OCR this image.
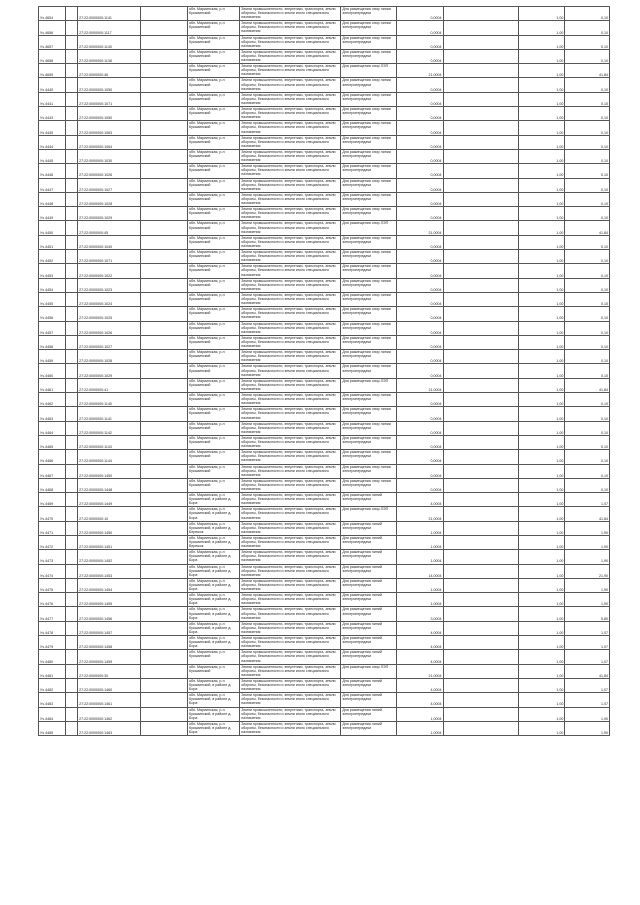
Уч.4654		27:22:0000000:1141		обл. Мариинская, р-н Кусьминский	Земли промышленности, энергетики, транспорта, земли обороны, безопасности и земли иного специального назначения	Для размещения опор линии электропередачи	0,0004		1,00	0,10
Уч.4656		27:22:0000000:1117		обл. Мариинская, р-н Кусьминский	Земли промышленности, энергетики, транспорта, земли обороны, безопасности и земли иного специального назначения	Для размещения опор линии электропередачи	0,0004		1,00	0,10
Уч.4657		27:22:0000000:1140		обл. Мариинская, р-н Кусьминский	Земли промышленности, энергетики, транспорта, земли обороны, безопасности и земли иного специального назначения	Для размещения опор линии электропередачи	0,0004		1,00	0,10
Уч.4658		27:22:0000000:1138		обл. Мариинская, р-н Кусьминский	Земли промышленности, энергетики, транспорта, земли обороны, безопасности и земли иного специального назначения	Для размещения опор линии электропередачи	0,0004		1,00	0,10
Уч.4659		27:22:0000000:46		обл. Мариинская, р-н Кусьминский	Земли промышленности, энергетики, транспорта, земли обороны, безопасности и земли иного специального назначения	Для размещения опор ЛЭП	21,0004		1,00	41,84
Уч.4440		27:22:0000000:1050		обл. Мариинская, р-н Кусьминский	Земли промышленности, энергетики, транспорта, земли обороны, безопасности и земли иного специального назначения	Для размещения опор линии электропередачи	0,0004		1,00	0,10
Уч.4441		27:22:0000000:1071		обл. Мариинская, р-н Кусьминский	Земли промышленности, энергетики, транспорта, земли обороны, безопасности и земли иного специального назначения	Для размещения опор линии электропередачи	0,0004		1,00	0,10
Уч.4443		27:22:0000000:1050		обл. Мариинская, р-н Кусьминский	Земли промышленности, энергетики, транспорта, земли обороны, безопасности и земли иного специального назначения	Для размещения опор линии электропередачи	0,0004		1,00	0,10
Уч.4445		27:22:0000000:1063		обл. Мариинская, р-н Кусьминский	Земли промышленности, энергетики, транспорта, земли обороны, безопасности и земли иного специального назначения	Для размещения опор линии электропередачи	0,0004		1,00	0,10
Уч.4444		27:22:0000000:1064		обл. Мариинская, р-н Кусьминский	Земли промышленности, энергетики, транспорта, земли обороны, безопасности и земли иного специального назначения	Для размещения опор линии электропередачи	0,0004		1,00	0,10
Уч.4445		27:22:0000000:1030		обл. Мариинская, р-н Кусьминский	Земли промышленности, энергетики, транспорта, земли обороны, безопасности и земли иного специального назначения	Для размещения опор линии электропередачи	0,0004		1,00	0,10
Уч.4446		27:22:0000000:1026		обл. Мариинская, р-н Кусьминский	Земли промышленности, энергетики, транспорта, земли обороны, безопасности и земли иного специального назначения	Для размещения опор линии электропередачи	0,0004		1,00	0,10
Уч.4447		27:22:0000000:1027		обл. Мариинская, р-н Кусьминский	Земли промышленности, энергетики, транспорта, земли обороны, безопасности и земли иного специального назначения	Для размещения опор линии электропередачи	0,0004		1,00	0,10
Уч.4448		27:22:0000000:1028		обл. Мариинская, р-н Кусьминский	Земли промышленности, энергетики, транспорта, земли обороны, безопасности и земли иного специального назначения	Для размещения опор линии электропередачи	0,0004		1,00	0,10
Уч.4449		27:22:0000000:1029		обл. Мариинская, р-н Кусьминский	Земли промышленности, энергетики, транспорта, земли обороны, безопасности и земли иного специального назначения	Для размещения опор линии электропередачи	0,0004		1,00	0,10
Уч.4450		27:22:0000000:45		обл. Мариинская, р-н Кусьминский	Земли промышленности, энергетики, транспорта, земли обороны, безопасности и земли иного специального назначения	Для размещения опор ЛЭП	21,0004		1,00	41,84
Уч.4451		27:22:0000000:1040		обл. Мариинская, р-н Кусьминский	Земли промышленности, энергетики, транспорта, земли обороны, безопасности и земли иного специального назначения	Для размещения опор линии электропередачи	0,0004		1,00	0,10
Уч.4452		27:22:0000000:1071		обл. Мариинская, р-н Кусьминский	Земли промышленности, энергетики, транспорта, земли обороны, безопасности и земли иного специального назначения	Для размещения опор линии электропередачи	0,0004		1,00	0,10
Уч.4453		27:22:0000000:1022		обл. Мариинская, р-н Кусьминский	Земли промышленности, энергетики, транспорта, земли обороны, безопасности и земли иного специального назначения	Для размещения опор линии электропередачи	0,0004		1,00	0,10
Уч.4454		27:22:0000000:1023		обл. Мариинская, р-н Кусьминский	Земли промышленности, энергетики, транспорта, земли обороны, безопасности и земли иного специального назначения	Для размещения опор линии электропередачи	0,0004		1,00	0,10
Уч.4455		27:22:0000000:1024		обл. Мариинская, р-н Кусьминский	Земли промышленности, энергетики, транспорта, земли обороны, безопасности и земли иного специального назначения	Для размещения опор линии электропередачи	0,0004		1,00	0,10
Уч.4456		27:22:0000000:1025		обл. Мариинская, р-н Кусьминский	Земли промышленности, энергетики, транспорта, земли обороны, безопасности и земли иного специального назначения	Для размещения опор линии электропередачи	0,0004		1,00	0,10
Уч.4457		27:22:0000000:1026		обл. Мариинская, р-н Кусьминский	Земли промышленности, энергетики, транспорта, земли обороны, безопасности и земли иного специального назначения	Для размещения опор линии электропередачи	0,0004		1,00	0,10
Уч.4458		27:22:0000000:1027		обл. Мариинская, р-н Кусьминский	Земли промышленности, энергетики, транспорта, земли обороны, безопасности и земли иного специального назначения	Для размещения опор линии электропередачи	0,0004		1,00	0,10
Уч.4459		27:22:0000000:1028		обл. Мариинская, р-н Кусьминский	Земли промышленности, энергетики, транспорта, земли обороны, безопасности и земли иного специального назначения	Для размещения опор линии электропередачи	0,0004		1,00	0,10
Уч.4460		27:22:0000000:1029		обл. Мариинская, р-н Кусьминский	Земли промышленности, энергетики, транспорта, земли обороны, безопасности и земли иного специального назначения	Для размещения опор линии электропередачи	0,0004		1,00	0,10
Уч.4461		27:22:0000000:41		обл. Мариинская, р-н Кусьминский	Земли промышленности, энергетики, транспорта, земли обороны, безопасности и земли иного специального назначения	Для размещения опор ЛЭП	21,0004		1,00	41,84
Уч.4462		27:22:0000000:1140		обл. Мариинская, р-н Кусьминский	Земли промышленности, энергетики, транспорта, земли обороны, безопасности и земли иного специального назначения	Для размещения опор линии электропередачи	0,0004		1,00	0,10
Уч.4463		27:22:0000000:1141		обл. Мариинская, р-н Кусьминский	Земли промышленности, энергетики, транспорта, земли обороны, безопасности и земли иного специального назначения	Для размещения опор линии электропередачи	0,0004		1,00	0,10
Уч.4464		27:22:0000000:1142		обл. Мариинская, р-н Кусьминский	Земли промышленности, энергетики, транспорта, земли обороны, безопасности и земли иного специального назначения	Для размещения опор линии электропередачи	0,0004		1,00	0,10
Уч.4465		27:22:0000000:1143		обл. Мариинская, р-н Кусьминский	Земли промышленности, энергетики, транспорта, земли обороны, безопасности и земли иного специального назначения	Для размещения опор линии электропередачи	0,0004		1,00	0,10
Уч.4466		27:22:0000000:1144		обл. Мариинская, р-н Кусьминский	Земли промышленности, энергетики, транспорта, земли обороны, безопасности и земли иного специального назначения	Для размещения опор линии электропередачи	0,0004		1,00	0,10
Уч.4467		27:22:0000000:1450		обл. Мариинская, р-н Кусьминский	Земли промышленности, энергетики, транспорта, земли обороны, безопасности и земли иного специального назначения	Для размещения опор линии электропередачи	0,0004		1,00	0,10
Уч.4468		27:22:0000000:1448		обл. Мариинская, р-н Кусьминский	Земли промышленности, энергетики, транспорта, земли обороны, безопасности и земли иного специального назначения	Для размещения опор линии электропередачи	0,0004		1,00	0,10
Уч.4469		27:22:0000000:1449		обл. Мариинская, р-н Кусьминский, в районе д. Бора	Земли промышленности, энергетики, транспорта, земли обороны, безопасности и земли иного специального назначения	Для размещения линий электропередачи	4,0004		1,00	1,07
Уч.4470		27:22:0000000:10		обл. Мариинская, р-н Кусьминский, в районе д. Бора	Земли промышленности, энергетики, транспорта, земли обороны, безопасности и земли иного специального назначения	Для размещения опор ЛЭП	21,0004		1,00	41,84
Уч.4471		27:22:0000000:1450		обл. Мариинская, р-н Кусьминский, в районе д. Бережок	Земли промышленности, энергетики, транспорта, земли обороны, безопасности и земли иного специального назначения	Для размещения линий электропередачи	1,0004		1,00	1,90
Уч.4472		27:22:0000000:1451		обл. Мариинская, р-н Кусьминский, в районе д. Бережок	Земли промышленности, энергетики, транспорта, земли обороны, безопасности и земли иного специального назначения	Для размещения линий электропередачи	1,0004		1,00	1,90
Уч.4473		27:22:0000000:1452		обл. Мариинская, р-н Кусьминский, в районе д. Бора	Земли промышленности, энергетики, транспорта, земли обороны, безопасности и земли иного специального назначения	Для размещения линий электропередачи	1,0004		1,00	1,90
Уч.4474		27:22:0000000:1453		обл. Мариинская, р-н Кусьминский, в районе д. Бора	Земли промышленности, энергетики, транспорта, земли обороны, безопасности и земли иного специального назначения	Для размещения линий электропередачи	14,0004		1,00	21,90
Уч.4475		27:22:0000000:1454		обл. Мариинская, р-н Кусьминский, в районе д. Бора	Земли промышленности, энергетики, транспорта, земли обороны, безопасности и земли иного специального назначения	Для размещения линий электропередачи	1,0004		1,00	1,90
Уч.4476		27:22:0000000:1455		обл. Мариинская, р-н Кусьминский, в районе д. Бора	Земли промышленности, энергетики, транспорта, земли обороны, безопасности и земли иного специального назначения	Для размещения линий электропередачи	1,0004		1,00	1,90
Уч.4477		27:22:0000000:1456		обл. Мариинская, р-н Кусьминский, в районе д. Бора	Земли промышленности, энергетики, транспорта, земли обороны, безопасности и земли иного специального назначения	Для размещения линий электропередачи	3,0004		1,00	5,80
Уч.4478		27:22:0000000:1457		обл. Мариинская, р-н Кусьминский, в районе д. Бора	Земли промышленности, энергетики, транспорта, земли обороны, безопасности и земли иного специального назначения	Для размещения линий электропередачи	4,0004		1,00	1,07
Уч.4479		27:22:0000000:1458		обл. Мариинская, р-н Кусьминский, в районе д. Бора	Земли промышленности, энергетики, транспорта, земли обороны, безопасности и земли иного специального назначения	Для размещения линий электропередачи	4,0004		1,00	1,07
Уч.4480		27:22:0000000:1459		обл. Мариинская, р-н Кусьминский	Земли промышленности, энергетики, транспорта, земли обороны, безопасности и земли иного специального назначения	Для размещения линий электропередачи	4,0004		1,00	1,07
Уч.4481		27:22:0000000:30		обл. Мариинская, р-н Кусьминский	Земли промышленности, энергетики, транспорта, земли обороны, безопасности и земли иного специального назначения	Для размещения опор ЛЭП	21,0004		1,00	41,84
Уч.4482		27:22:0000000:1460		обл. Мариинская, р-н Кусьминский, в районе д. Бора	Земли промышленности, энергетики, транспорта, земли обороны, безопасности и земли иного специального назначения	Для размещения линий электропередачи	4,0004		1,00	1,07
Уч.4483		27:22:0000000:1461		обл. Мариинская, р-н Кусьминский, в районе д. Бора	Земли промышленности, энергетики, транспорта, земли обороны, безопасности и земли иного специального назначения	Для размещения линий электропередачи	4,0004		1,00	1,07
Уч.4484		27:22:0000000:1462		обл. Мариинская, р-н Кусьминский, в районе д. Бора	Земли промышленности, энергетики, транспорта, земли обороны, безопасности и земли иного специального назначения	Для размещения линий электропередачи	1,0004		1,00	1,90
Уч.4485		27:22:0000000:1463		обл. Мариинская, р-н Кусьминский, в районе д. Бора	Земли промышленности, энергетики, транспорта, земли обороны, безопасности и земли иного специального назначения	Для размещения линий электропередачи	1,0004		1,00	1,90
